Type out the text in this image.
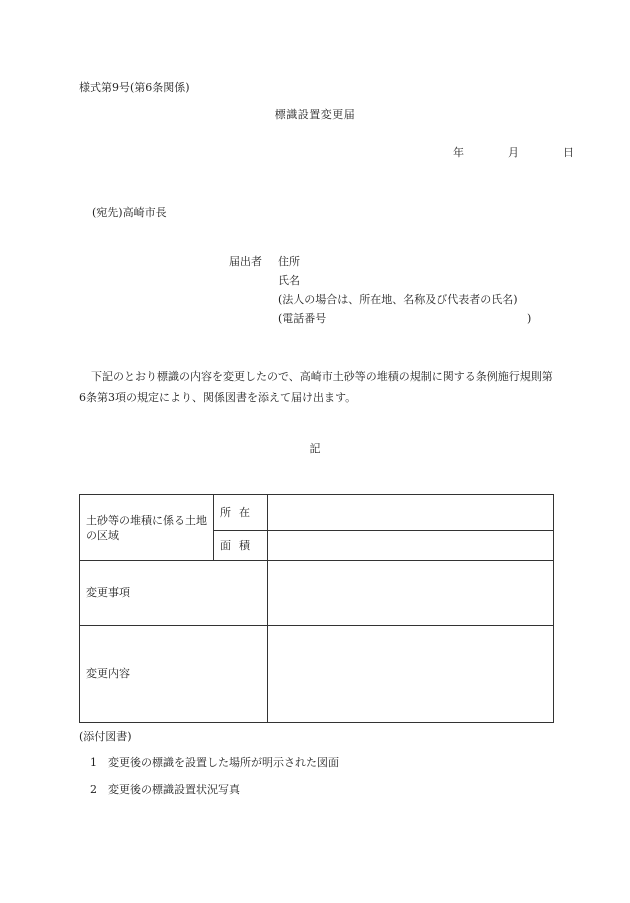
様式第9号(第6条関係)
標識設置変更届
年	月	日
(宛先)高崎市長
届出者 住所
氏名
(法人の場合は、所在地、名称及び代表者の氏名)
(電話番号	)

下記のとおり標識の内容を変更したので、高崎市土砂等の堆積の規制に関する条例施行規則第6条第3項の規定により、関係図書を添えて届け出ます。

記
土砂等の堆積に係る土地の区域	所在	
	面積	
変更事項		
変更内容		
(添付図書)
1 変更後の標識を設置した場所が明示された図面
2 変更後の標識設置状況写真
